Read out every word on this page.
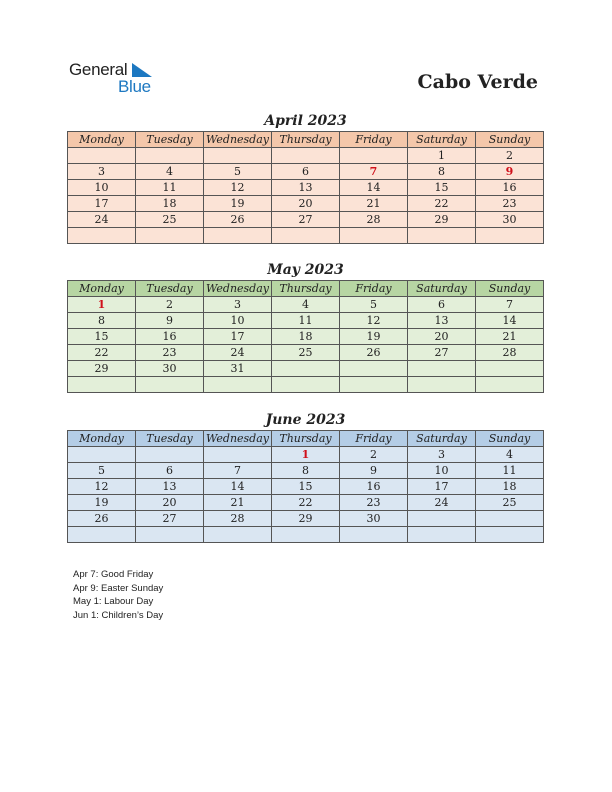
General
Blue	Cabo Verde
April 2023
Monday	Tuesday	Wednesday	Thursday	Friday	Saturday	Sunday
					1	2
3	4	5	6	7	8	9
10	11	12	13	14	15	16
17	18	19	20	21	22	23
24	25	26	27	28	29	30

May 2023
Monday	Tuesday	Wednesday	Thursday	Friday	Saturday	Sunday
1	2	3	4	5	6	7
8	9	10	11	12	13	14
15	16	17	18	19	20	21
22	23	24	25	26	27	28
29	30	31				

June 2023
Monday	Tuesday	Wednesday	Thursday	Friday	Saturday	Sunday
			1	2	3	4
5	6	7	8	9	10	11
12	13	14	15	16	17	18
19	20	21	22	23	24	25
26	27	28	29	30		

Apr 7: Good Friday
Apr 9: Easter Sunday
May 1: Labour Day
Jun 1: Children’s Day
